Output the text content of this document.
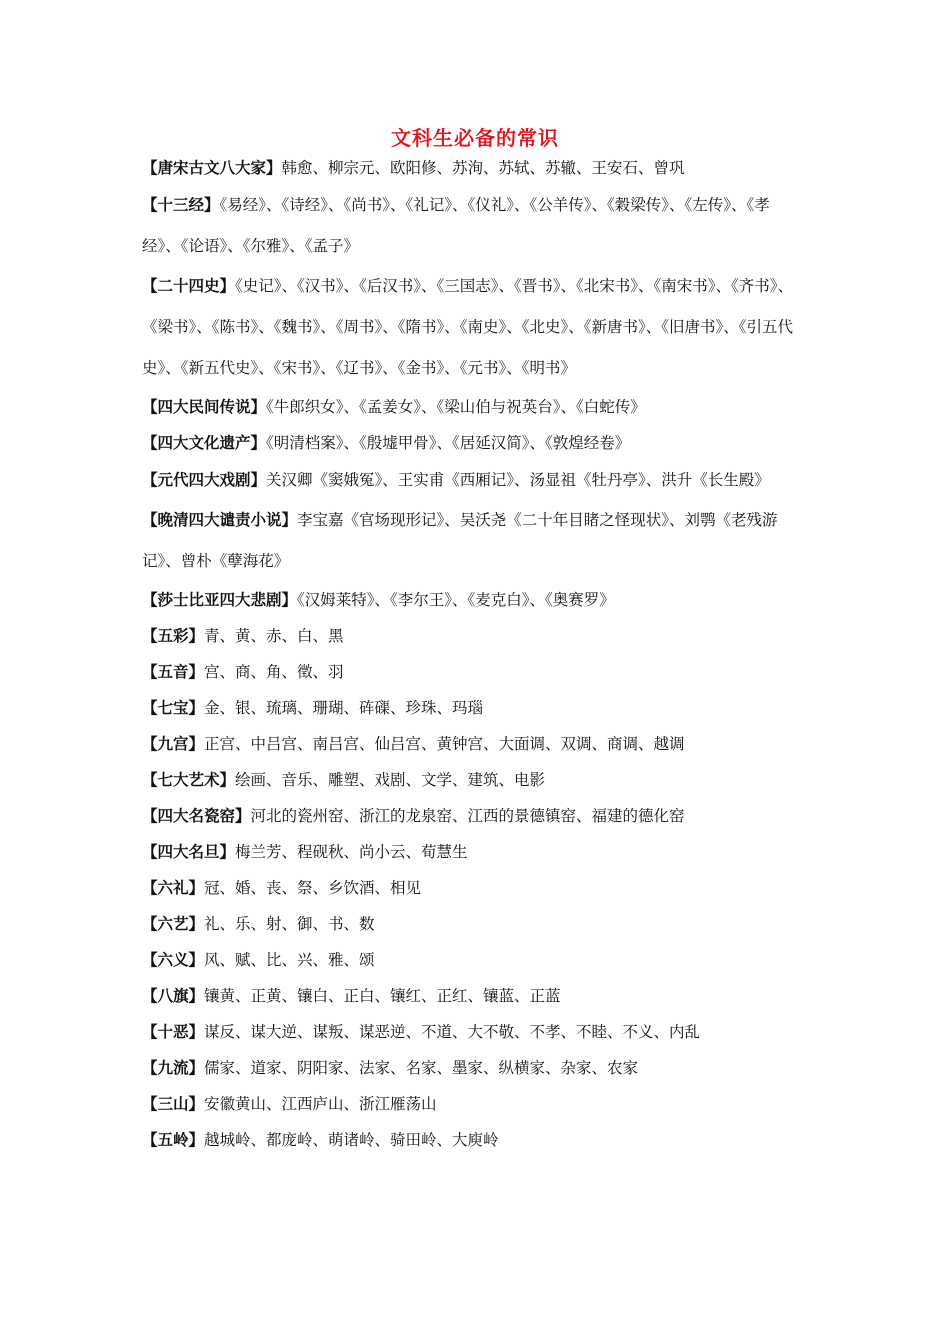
文科生必备的常识
【唐宋古文八大家】韩愈、柳宗元、欧阳修、苏洵、苏轼、苏辙、王安石、曾巩
【十三经】《易经》、《诗经》、《尚书》、《礼记》、《仪礼》、《公羊传》、《穀梁传》、《左传》、《孝经》、《论语》、《尔雅》、《孟子》
【二十四史】《史记》、《汉书》、《后汉书》、《三国志》、《晋书》、《北宋书》、《南宋书》、《齐书》、《梁书》、《陈书》、《魏书》、《周书》、《隋书》、《南史》、《北史》、《新唐书》、《旧唐书》、《引五代史》、《新五代史》、《宋书》、《辽书》、《金书》、《元书》、《明书》
【四大民间传说】《牛郎织女》、《孟姜女》、《梁山伯与祝英台》、《白蛇传》
【四大文化遗产】《明清档案》、《殷墟甲骨》、《居延汉简》、《敦煌经卷》
【元代四大戏剧】关汉卿《窦娥冤》、王实甫《西厢记》、汤显祖《牡丹亭》、洪升《长生殿》
【晚清四大谴责小说】李宝嘉《官场现形记》、吴沃尧《二十年目睹之怪现状》、刘鹗《老残游记》、曾朴《孽海花》
【莎士比亚四大悲剧】《汉姆莱特》、《李尔王》、《麦克白》、《奥赛罗》
【五彩】青、黄、赤、白、黑
【五音】宫、商、角、徵、羽
【七宝】金、银、琉璃、珊瑚、砗磲、珍珠、玛瑙
【九宫】正宫、中吕宫、南吕宫、仙吕宫、黄钟宫、大面调、双调、商调、越调
【七大艺术】绘画、音乐、雕塑、戏剧、文学、建筑、电影
【四大名瓷窑】河北的瓷州窑、浙江的龙泉窑、江西的景德镇窑、福建的德化窑
【四大名旦】梅兰芳、程砚秋、尚小云、荀慧生
【六礼】冠、婚、丧、祭、乡饮酒、相见
【六艺】礼、乐、射、御、书、数
【六义】风、赋、比、兴、雅、颂
【八旗】镶黄、正黄、镶白、正白、镶红、正红、镶蓝、正蓝
【十恶】谋反、谋大逆、谋叛、谋恶逆、不道、大不敬、不孝、不睦、不义、内乱
【九流】儒家、道家、阴阳家、法家、名家、墨家、纵横家、杂家、农家
【三山】安徽黄山、江西庐山、浙江雁荡山
【五岭】越城岭、都庞岭、萌诸岭、骑田岭、大庾岭
